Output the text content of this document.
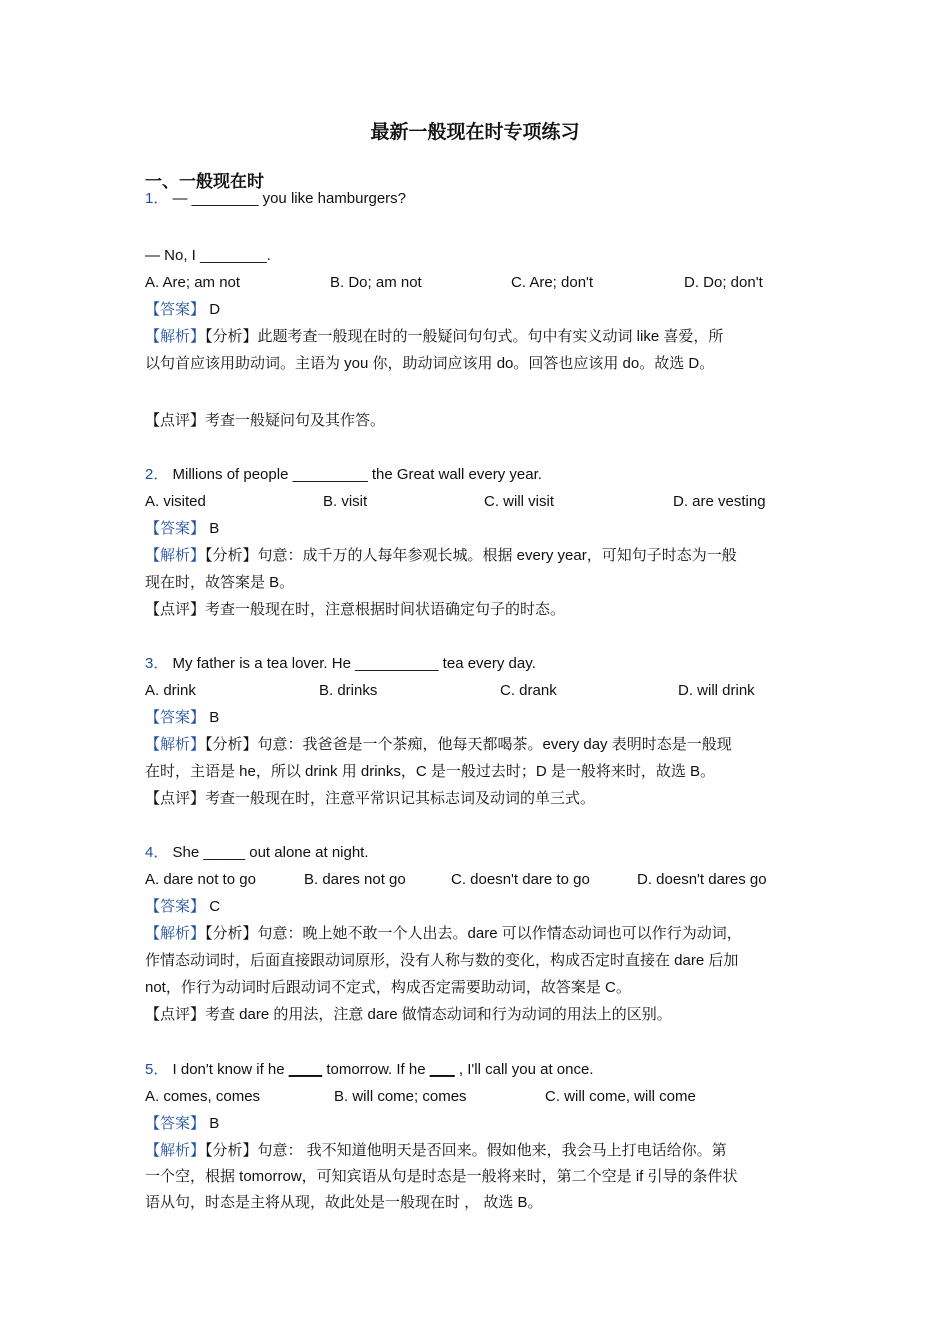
最新一般现在时专项练习
一、一般现在时
1． — ________ you like hamburgers?
— No, I ________.
A. Are; am not	B. Do; am not	C. Are; don't	D. Do; don't
【答案】 D
【解析】【分析】此题考查一般现在时的一般疑问句句式。句中有实义动词 like 喜爱，所
以句首应该用助动词。主语为 you 你，助动词应该用 do。回答也应该用 do。故选 D。
【点评】考查一般疑问句及其作答。
2． Millions of people _________ the Great wall every year.
A. visited	B. visit	C. will visit	D. are vesting
【答案】 B
【解析】【分析】句意：成千万的人每年参观长城。根据 every year，可知句子时态为一般
现在时，故答案是 B。
【点评】考查一般现在时，注意根据时间状语确定句子的时态。
3． My father is a tea lover. He __________ tea every day.
A. drink	B. drinks	C. drank	D. will drink
【答案】 B
【解析】【分析】句意：我爸爸是一个茶痴，他每天都喝茶。every day 表明时态是一般现
在时，主语是 he，所以 drink 用 drinks，C 是一般过去时；D 是一般将来时，故选 B。
【点评】考查一般现在时，注意平常识记其标志词及动词的单三式。
4． She _____ out alone at night.
A. dare not to go	B. dares not go	C. doesn't dare to go	D. doesn't dares go
【答案】 C
【解析】【分析】句意：晚上她不敢一个人出去。dare 可以作情态动词也可以作行为动词，
作情态动词时，后面直接跟动词原形，没有人称与数的变化，构成否定时直接在 dare 后加
not，作行为动词时后跟动词不定式，构成否定需要助动词，故答案是 C。
【点评】考查 dare 的用法，注意 dare 做情态动词和行为动词的用法上的区别。
5． I don't know if he ____ tomorrow. If he ___ , I'll call you at once.
A. comes, comes	B. will come; comes	C. will come, will come
【答案】 B
【解析】【分析】句意： 我不知道他明天是否回来。假如他来，我会马上打电话给你。第
一个空，根据 tomorrow，可知宾语从句是时态是一般将来时，第二个空是 if 引导的条件状
语从句，时态是主将从现，故此处是一般现在时 ， 故选 B。
